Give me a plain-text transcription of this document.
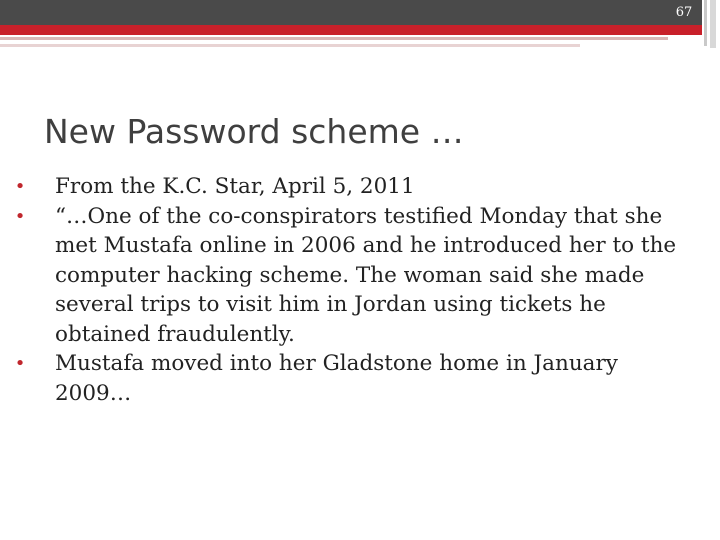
67
New Password scheme …
• From the K.C. Star, April 5, 2011
• “…One of the co-conspirators testified Monday that she met Mustafa online in 2006 and he introduced her to the computer hacking scheme. The woman said she made several trips to visit him in Jordan using tickets he obtained fraudulently.
• Mustafa moved into her Gladstone home in January 2009…
